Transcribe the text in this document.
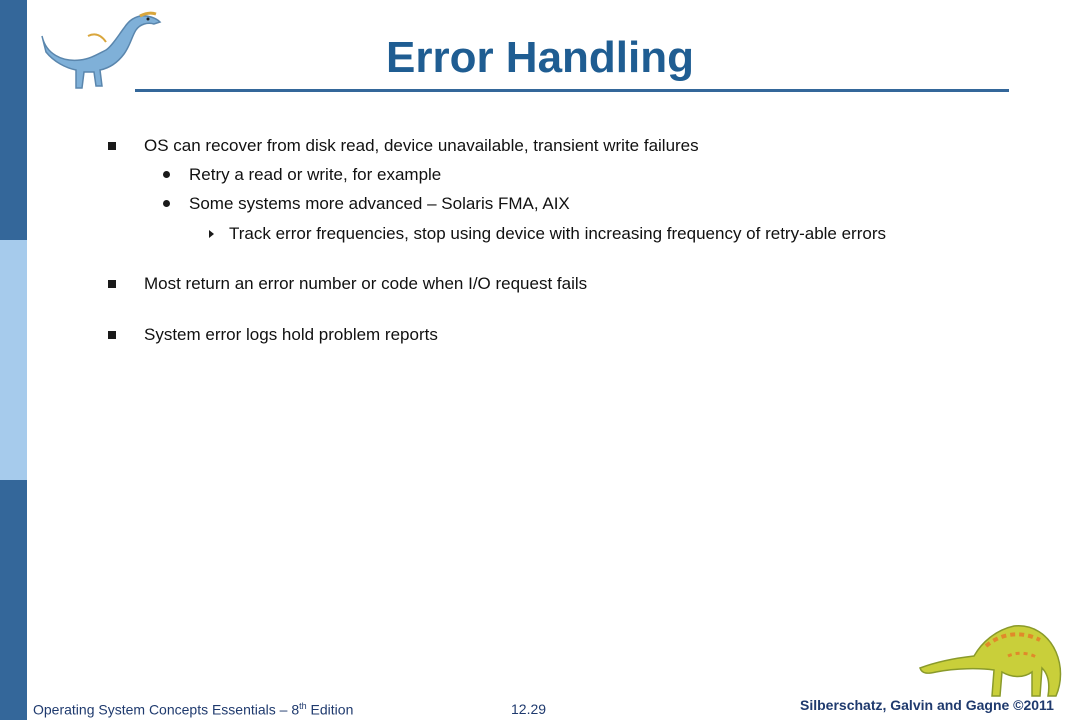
Error Handling
OS can recover from disk read, device unavailable, transient write failures
Retry a read or write, for example
Some systems more advanced – Solaris FMA, AIX
Track error frequencies, stop using device with increasing frequency of retry-able errors
Most return an error number or code when I/O request fails
System error logs hold problem reports
Operating System Concepts Essentials – 8th Edition	12.29	Silberschatz, Galvin and Gagne ©2011
